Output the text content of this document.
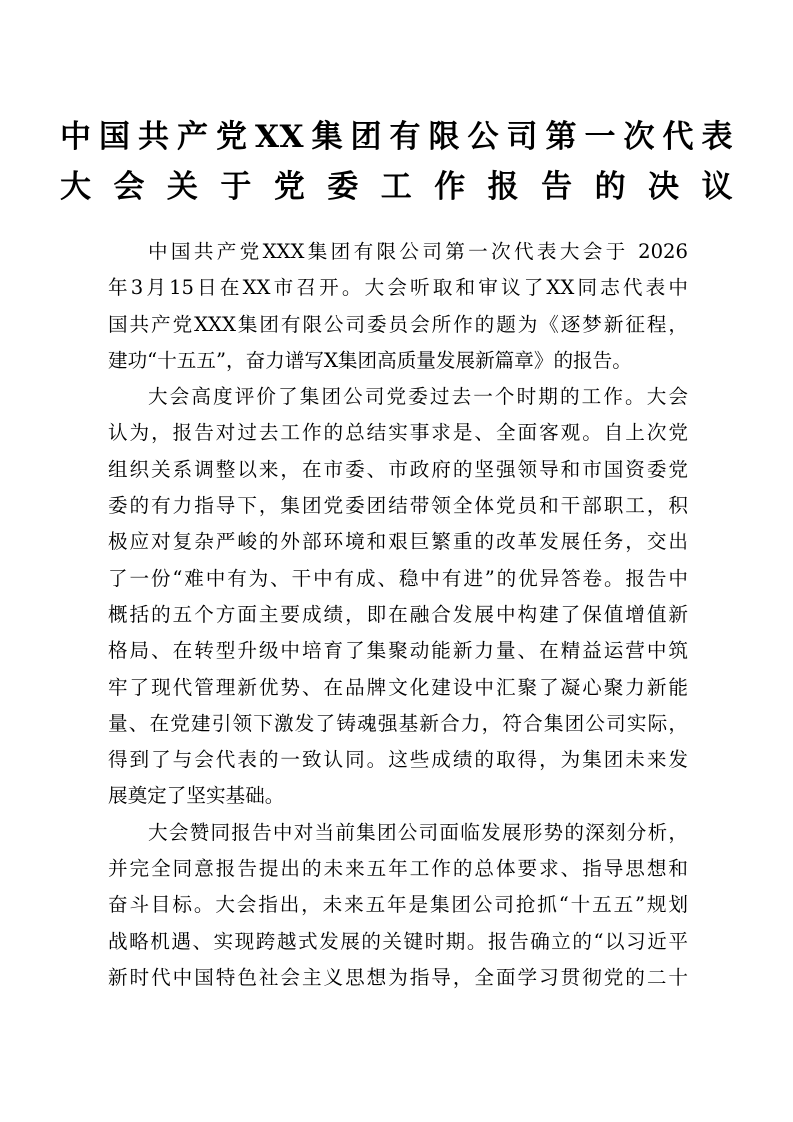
中国共产党XX集团有限公司第一次代表
大会关于党委工作报告的决议
中国共产党XXX集团有限公司第一次代表大会于 2026
年3月15日在XX市召开。大会听取和审议了XX同志代表中
国共产党XXX集团有限公司委员会所作的题为《逐梦新征程，
建功“十五五”，奋力谱写X集团高质量发展新篇章》的报告。
大会高度评价了集团公司党委过去一个时期的工作。大会
认为，报告对过去工作的总结实事求是、全面客观。自上次党
组织关系调整以来，在市委、市政府的坚强领导和市国资委党
委的有力指导下，集团党委团结带领全体党员和干部职工，积
极应对复杂严峻的外部环境和艰巨繁重的改革发展任务，交出
了一份“难中有为、干中有成、稳中有进”的优异答卷。报告中
概括的五个方面主要成绩，即在融合发展中构建了保值增值新
格局、在转型升级中培育了集聚动能新力量、在精益运营中筑
牢了现代管理新优势、在品牌文化建设中汇聚了凝心聚力新能
量、在党建引领下激发了铸魂强基新合力，符合集团公司实际，
得到了与会代表的一致认同。这些成绩的取得，为集团未来发
展奠定了坚实基础。
大会赞同报告中对当前集团公司面临发展形势的深刻分析，
并完全同意报告提出的未来五年工作的总体要求、指导思想和
奋斗目标。大会指出，未来五年是集团公司抢抓“十五五”规划
战略机遇、实现跨越式发展的关键时期。报告确立的“以习近平
新时代中国特色社会主义思想为指导，全面学习贯彻党的二十
